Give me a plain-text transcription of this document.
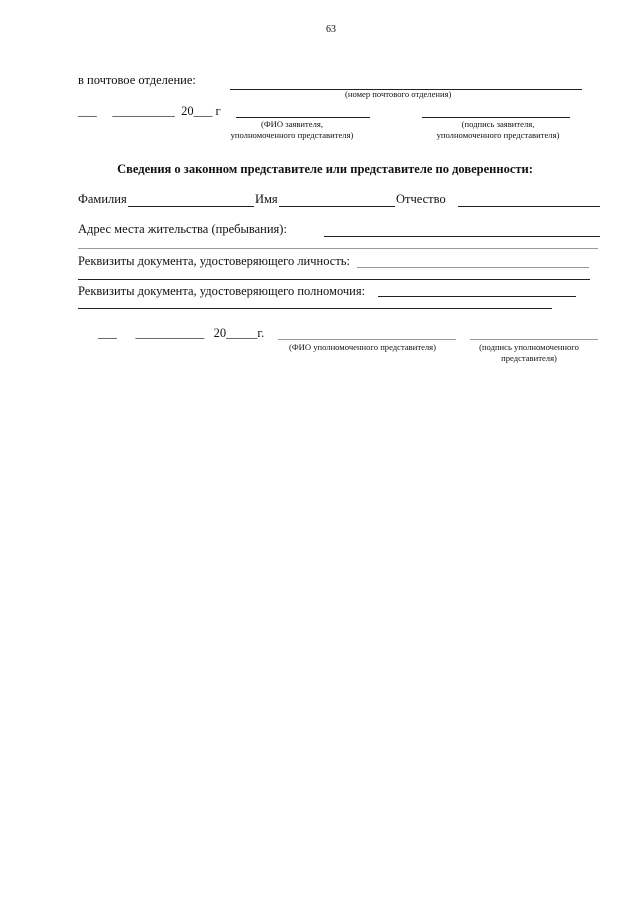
63
в почтовое отделение:
(номер почтового отделения)
___ __________ 20___ г
(ФИО заявителя,
уполномоченного представителя)
(подпись заявителя,
уполномоченного представителя)
Сведения о законном представителе или представителе по доверенности:
Фамилия	Имя	Отчество
Адрес места жительства (пребывания):
Реквизиты документа, удостоверяющего личность:
Реквизиты документа, удостоверяющего полномочия:
___ ___________ 20_____г.
(ФИО уполномоченного представителя)	(подпись уполномоченного
представителя)
